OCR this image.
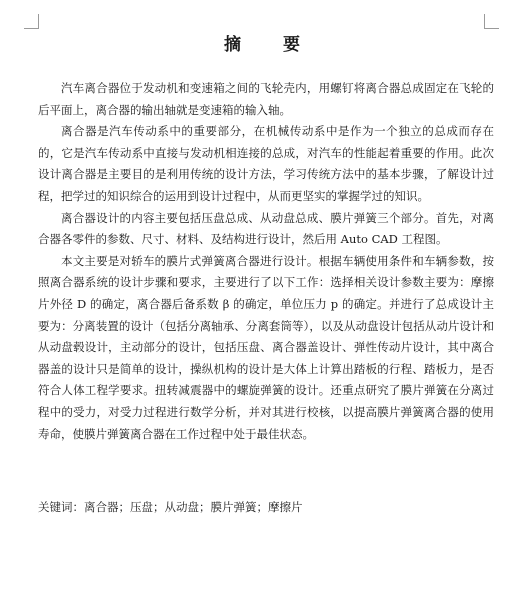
摘 要

汽车离合器位于发动机和变速箱之间的飞轮壳内，用螺钉将离合器总成固定在飞轮的后平面上，离合器的输出轴就是变速箱的输入轴。

离合器是汽车传动系中的重要部分，在机械传动系中是作为一个独立的总成而存在的，它是汽车传动系中直接与发动机相连接的总成，对汽车的性能起着重要的作用。此次设计离合器是主要目的是利用传统的设计方法，学习传统方法中的基本步骤，了解设计过程，把学过的知识综合的运用到设计过程中，从而更坚实的掌握学过的知识。

离合器设计的内容主要包括压盘总成、从动盘总成、膜片弹簧三个部分。首先，对离合器各零件的参数、尺寸、材料、及结构进行设计，然后用 Auto CAD 工程图。

本文主要是对轿车的膜片式弹簧离合器进行设计。根据车辆使用条件和车辆参数，按照离合器系统的设计步骤和要求，主要进行了以下工作：选择相关设计参数主要为：摩擦片外径 D 的确定，离合器后备系数 β 的确定，单位压力 p 的确定。并进行了总成设计主要为：分离装置的设计（包括分离轴承、分离套筒等），以及从动盘设计包括从动片设计和从动盘毂设计，主动部分的设计，包括压盘、离合器盖设计、弹性传动片设计，其中离合器盖的设计只是简单的设计，操纵机构的设计是大体上计算出踏板的行程、踏板力，是否符合人体工程学要求。扭转减震器中的螺旋弹簧的设计。还重点研究了膜片弹簧在分离过程中的受力，对受力过程进行数学分析，并对其进行校核，以提高膜片弹簧离合器的使用寿命，使膜片弹簧离合器在工作过程中处于最佳状态。

关键词：离合器；压盘；从动盘；膜片弹簧；摩擦片
